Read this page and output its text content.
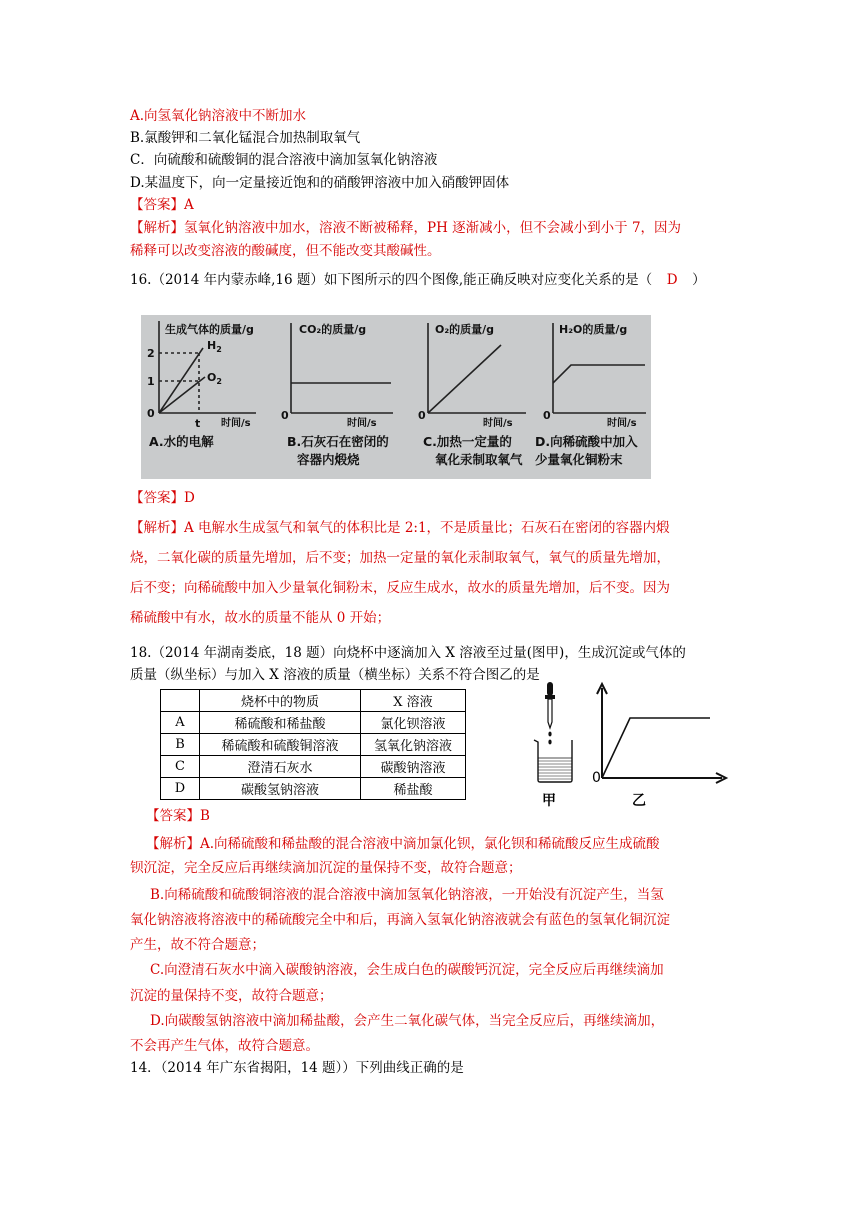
A.向氢氧化钠溶液中不断加水
B.氯酸钾和二氧化锰混合加热制取氧气
C．向硫酸和硫酸铜的混合溶液中滴加氢氧化钠溶液
D.某温度下，向一定量接近饱和的硝酸钾溶液中加入硝酸钾固体
【答案】A
【解析】氢氧化钠溶液中加水，溶液不断被稀释，PH 逐渐减小，但不会减小到小于 7，因为
稀释可以改变溶液的酸碱度，但不能改变其酸碱性。
16.（2014 年内蒙赤峰,16 题）如下图所示的四个图像,能正确反映对应变化关系的是（ D ）
生成气体的质量/g
2
1
0
t
$H_2$
$O_2$
时间/s
A.水的电解
CO₂的质量/g
0
时间/s
B.石灰石在密闭的
容器内煅烧
O₂的质量/g
0
时间/s
C.加热一定量的
氧化汞制取氧气
H₂O的质量/g
0
时间/s
D.向稀硫酸中加入
少量氧化铜粉末
【答案】D
【解析】A 电解水生成氢气和氧气的体积比是 2:1，不是质量比；石灰石在密闭的容器内煅
烧，二氧化碳的质量先增加，后不变；加热一定量的氧化汞制取氧气，氧气的质量先增加，
后不变；向稀硫酸中加入少量氧化铜粉末，反应生成水，故水的质量先增加，后不变。因为
稀硫酸中有水，故水的质量不能从 0 开始；
18.（2014 年湖南娄底，18 题）向烧杯中逐滴加入 X 溶液至过量(图甲)，生成沉淀或气体的
质量（纵坐标）与加入 X 溶液的质量（横坐标）关系不符合图乙的是
	烧杯中的物质	X 溶液
A	稀硫酸和稀盐酸	氯化钡溶液
B	稀硫酸和硫酸铜溶液	氢氧化钠溶液
C	澄清石灰水	碳酸钠溶液
D	碳酸氢钠溶液	稀盐酸
0
甲	乙
【答案】B
【解析】A.向稀硫酸和稀盐酸的混合溶液中滴加氯化钡，氯化钡和稀硫酸反应生成硫酸
钡沉淀，完全反应后再继续滴加沉淀的量保持不变，故符合题意；
B.向稀硫酸和硫酸铜溶液的混合溶液中滴加氢氧化钠溶液，一开始没有沉淀产生，当氢
氧化钠溶液将溶液中的稀硫酸完全中和后，再滴入氢氧化钠溶液就会有蓝色的氢氧化铜沉淀
产生，故不符合题意；
C.向澄清石灰水中滴入碳酸钠溶液，会生成白色的碳酸钙沉淀，完全反应后再继续滴加
沉淀的量保持不变，故符合题意；
D.向碳酸氢钠溶液中滴加稀盐酸，会产生二氧化碳气体，当完全反应后，再继续滴加，
不会再产生气体，故符合题意。
14．（2014 年广东省揭阳，14 题））下列曲线正确的是
